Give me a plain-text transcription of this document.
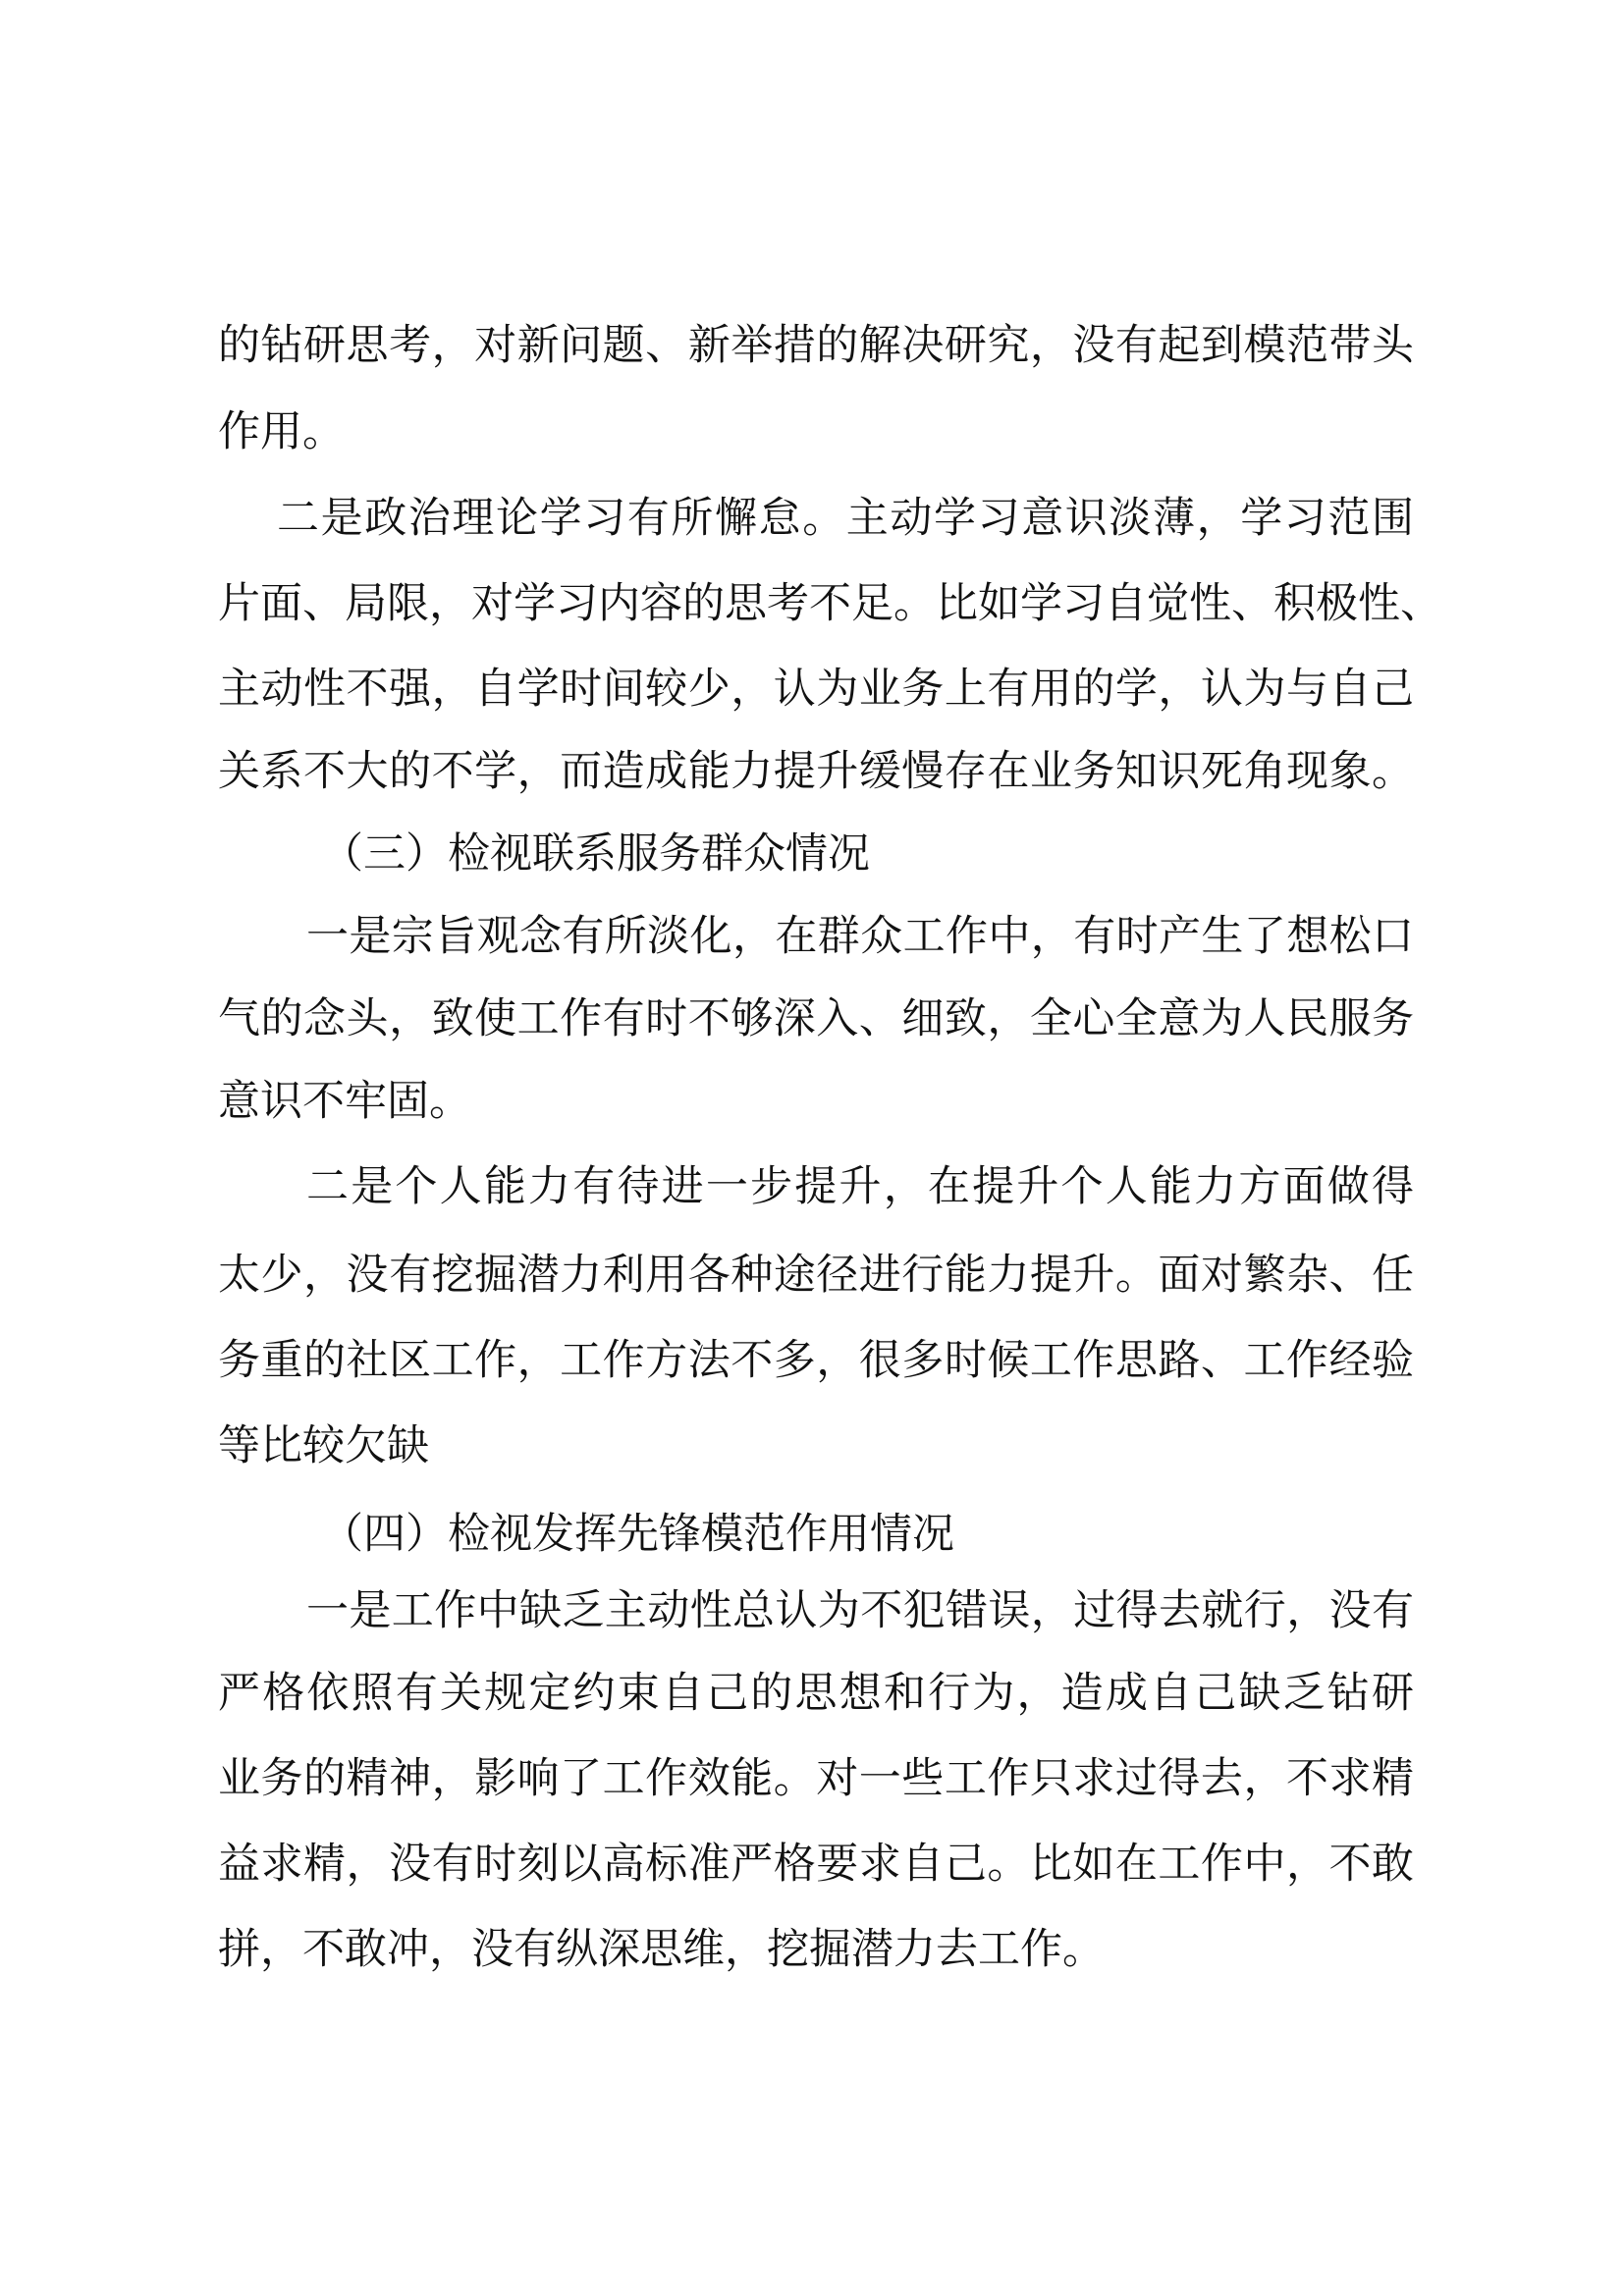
的钻研思考，对新问题、新举措的解决研究，没有起到模范带头
作用。
二是政治理论学习有所懈怠。主动学习意识淡薄，学习范围
片面、局限，对学习内容的思考不足。比如学习自觉性、积极性、
主动性不强，自学时间较少，认为业务上有用的学，认为与自己
关系不大的不学，而造成能力提升缓慢存在业务知识死角现象。
（三）检视联系服务群众情况
一是宗旨观念有所淡化，在群众工作中，有时产生了想松口
气的念头，致使工作有时不够深入、细致，全心全意为人民服务
意识不牢固。
二是个人能力有待进一步提升，在提升个人能力方面做得
太少，没有挖掘潜力利用各种途径进行能力提升。面对繁杂、任
务重的社区工作，工作方法不多，很多时候工作思路、工作经验
等比较欠缺
（四）检视发挥先锋模范作用情况
一是工作中缺乏主动性总认为不犯错误，过得去就行，没有
严格依照有关规定约束自己的思想和行为，造成自己缺乏钻研
业务的精神，影响了工作效能。对一些工作只求过得去，不求精
益求精，没有时刻以高标准严格要求自己。比如在工作中，不敢
拼，不敢冲，没有纵深思维，挖掘潜力去工作。
